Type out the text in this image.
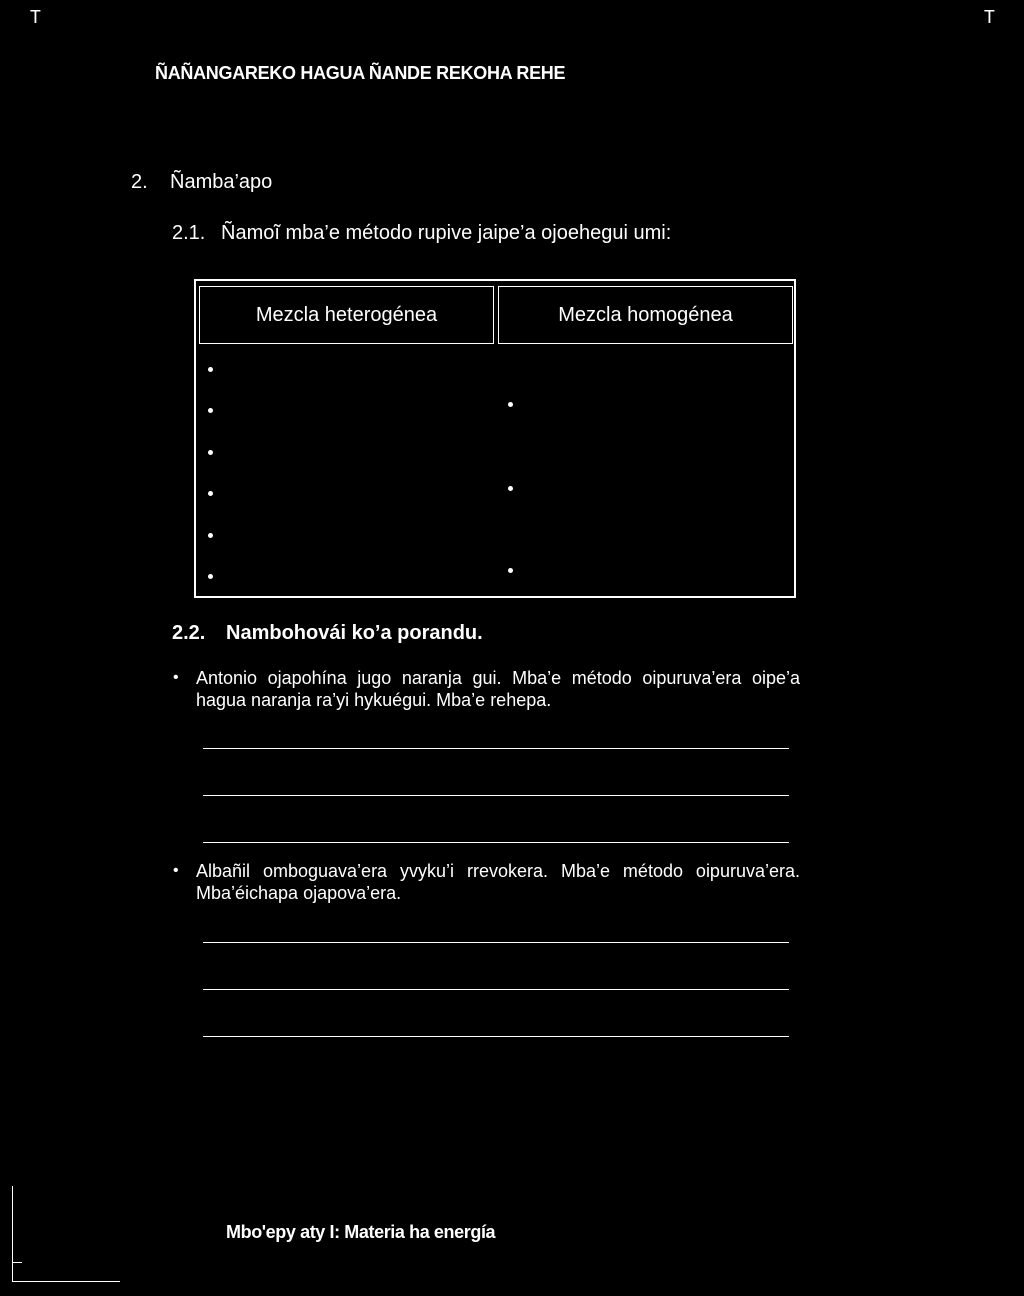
T	T
ÑAÑANGAREKO HAGUA ÑANDE REKOHA REHE
2. Ñamba’apo
2.1. Ñamoĩ mba’e método rupive jaipe’a ojoehegui umi:
Mezcla heterogénea	Mezcla homogénea
2.2. Nambohovái ko’a porandu.
• Antonio ojapohína jugo naranja gui. Mba’e método oipuruva’era oipe’a hagua naranja ra’yi hykuégui. Mba’e rehepa.
• Albañil omboguava’era yvyku’i rrevokera. Mba’e método oipuruva’era. Mba’éichapa ojapova’era.
Mbo'epy aty I: Materia ha energía
